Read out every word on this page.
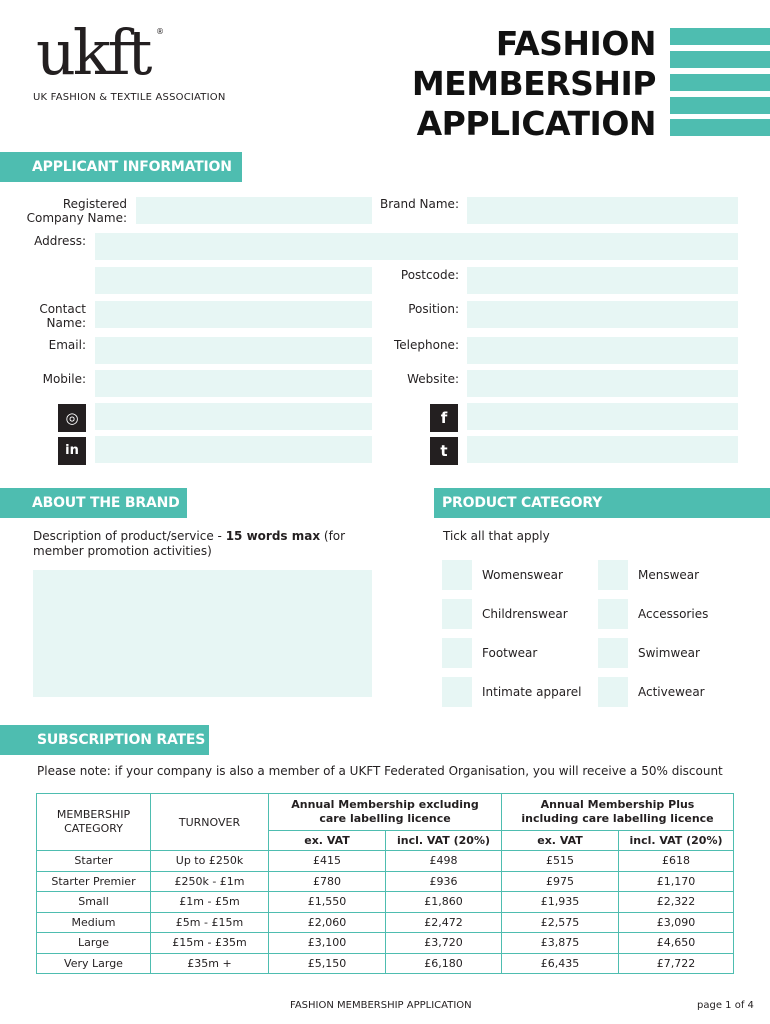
ukft ®
UK FASHION & TEXTILE ASSOCIATION
FASHION
MEMBERSHIP
APPLICATION
APPLICANT INFORMATION
Registered
Company Name:
Brand Name:
Address:
Postcode:
Contact
Name:
Position:
Email:	Telephone:
Mobile:	Website:
◎	f
in	t
ABOUT THE BRAND
Description of product/service - 15 words max (for member promotion activities)
PRODUCT CATEGORY
Tick all that apply
Womenswear	Menswear
Childrenswear	Accessories
Footwear	Swimwear
Intimate apparel	Activewear
SUBSCRIPTION RATES
Please note: if your company is also a member of a UKFT Federated Organisation, you will receive a 50% discount
MEMBERSHIP CATEGORY	TURNOVER	Annual Membership excluding care labelling licence		Annual Membership Plus including care labelling licence	

		ex. VAT	incl. VAT (20%)	ex. VAT	incl. VAT (20%)
Starter	Up to £250k	£415	£498	£515	£618
Starter Premier	£250k - £1m	£780	£936	£975	£1,170
Small	£1m - £5m	£1,550	£1,860	£1,935	£2,322
Medium	£5m - £15m	£2,060	£2,472	£2,575	£3,090
Large	£15m - £35m	£3,100	£3,720	£3,875	£4,650
Very Large	£35m +	£5,150	£6,180	£6,435	£7,722
FASHION MEMBERSHIP APPLICATION	page 1 of 4
